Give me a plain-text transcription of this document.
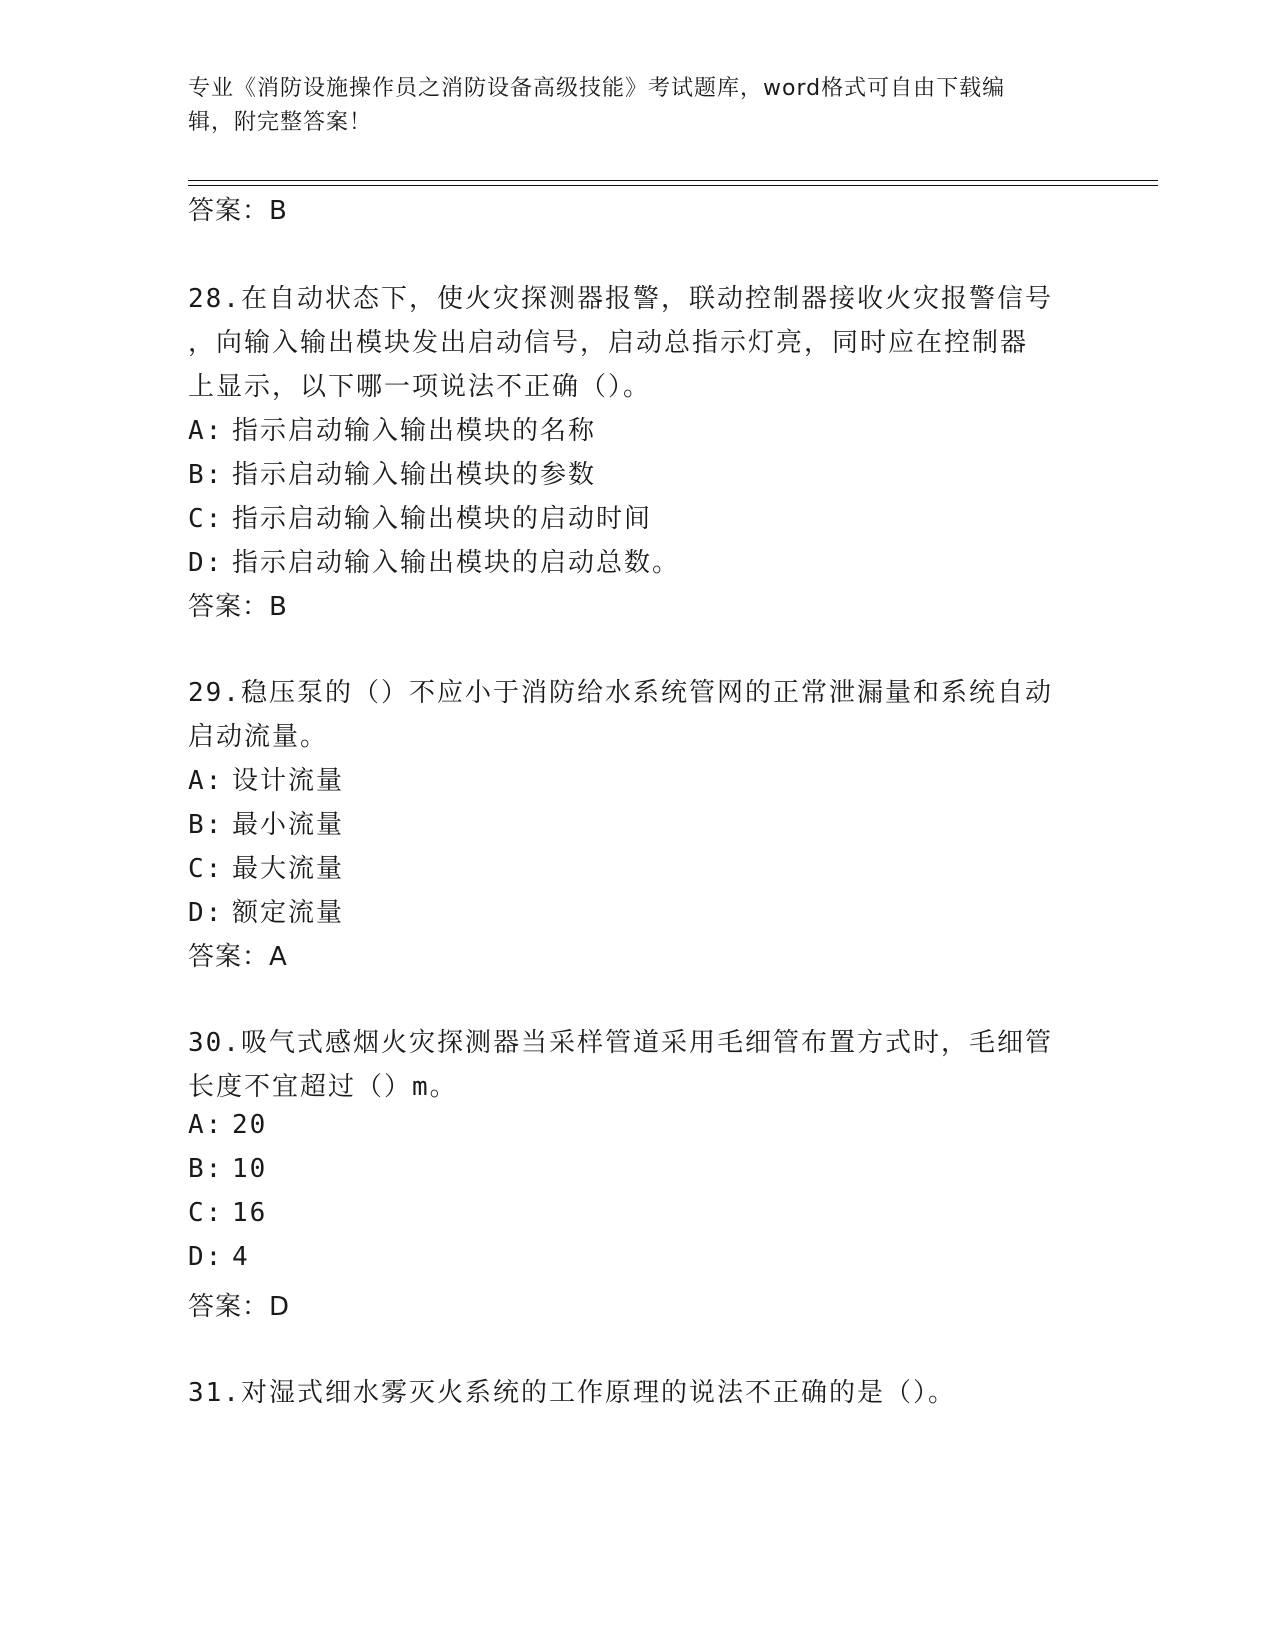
专业《消防设施操作员之消防设备高级技能》考试题库，word格式可自由下载编
辑，附完整答案！
答案：B
28.在自动状态下，使火灾探测器报警，联动控制器接收火灾报警信号
，向输入输出模块发出启动信号，启动总指示灯亮，同时应在控制器
上显示，以下哪一项说法不正确（）。
A: 指示启动输入输出模块的名称
B: 指示启动输入输出模块的参数
C: 指示启动输入输出模块的启动时间
D: 指示启动输入输出模块的启动总数。
答案：B
29.稳压泵的（）不应小于消防给水系统管网的正常泄漏量和系统自动
启动流量。
A: 设计流量
B: 最小流量
C: 最大流量
D: 额定流量
答案：A
30.吸气式感烟火灾探测器当采样管道采用毛细管布置方式时，毛细管
长度不宜超过（）m。
A: 20
B: 10
C: 16
D: 4
答案：D
31.对湿式细水雾灭火系统的工作原理的说法不正确的是（）。
